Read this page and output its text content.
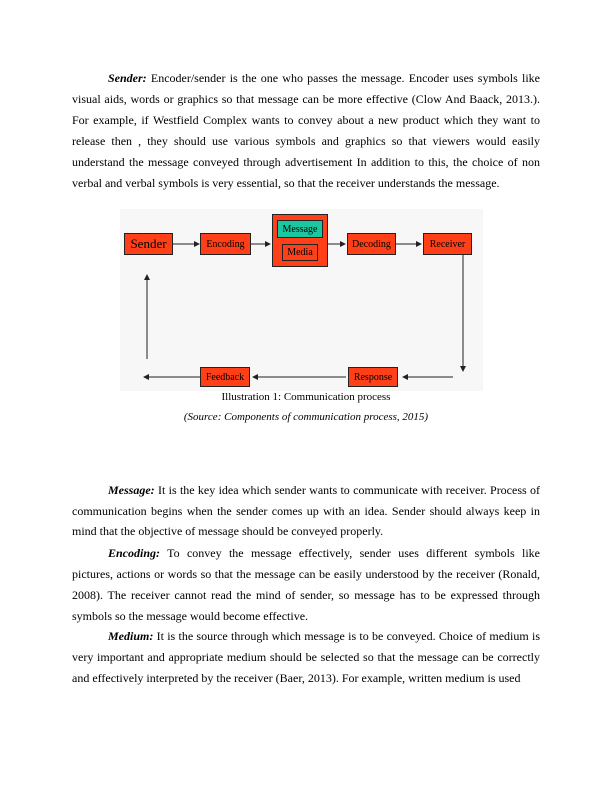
Sender: Encoder/sender is the one who passes the message. Encoder uses symbols like visual aids, words or graphics so that message can be more effective (Clow And Baack, 2013.). For example, if Westfield Complex wants to convey about a new product which they want to release then , they should use various symbols and graphics so that viewers would easily understand the message conveyed through advertisement In addition to this, the choice of non verbal and verbal symbols is very essential, so that the receiver understands the message.

Sender	Encoding
Message
Media
Decoding	Receiver
Feedback	Response
Illustration 1: Communication process
(Source: Components of communication process, 2015)

Message: It is the key idea which sender wants to communicate with receiver. Process of communication begins when the sender comes up with an idea. Sender should always keep in mind that the objective of message should be conveyed properly.

Encoding: To convey the message effectively, sender uses different symbols like pictures, actions or words so that the message can be easily understood by the receiver (Ronald, 2008). The receiver cannot read the mind of sender, so message has to be expressed through symbols so the message would become effective.

Medium: It is the source through which message is to be conveyed. Choice of medium is very important and appropriate medium should be selected so that the message can be correctly and effectively interpreted by the receiver (Baer, 2013). For example, written medium is used
